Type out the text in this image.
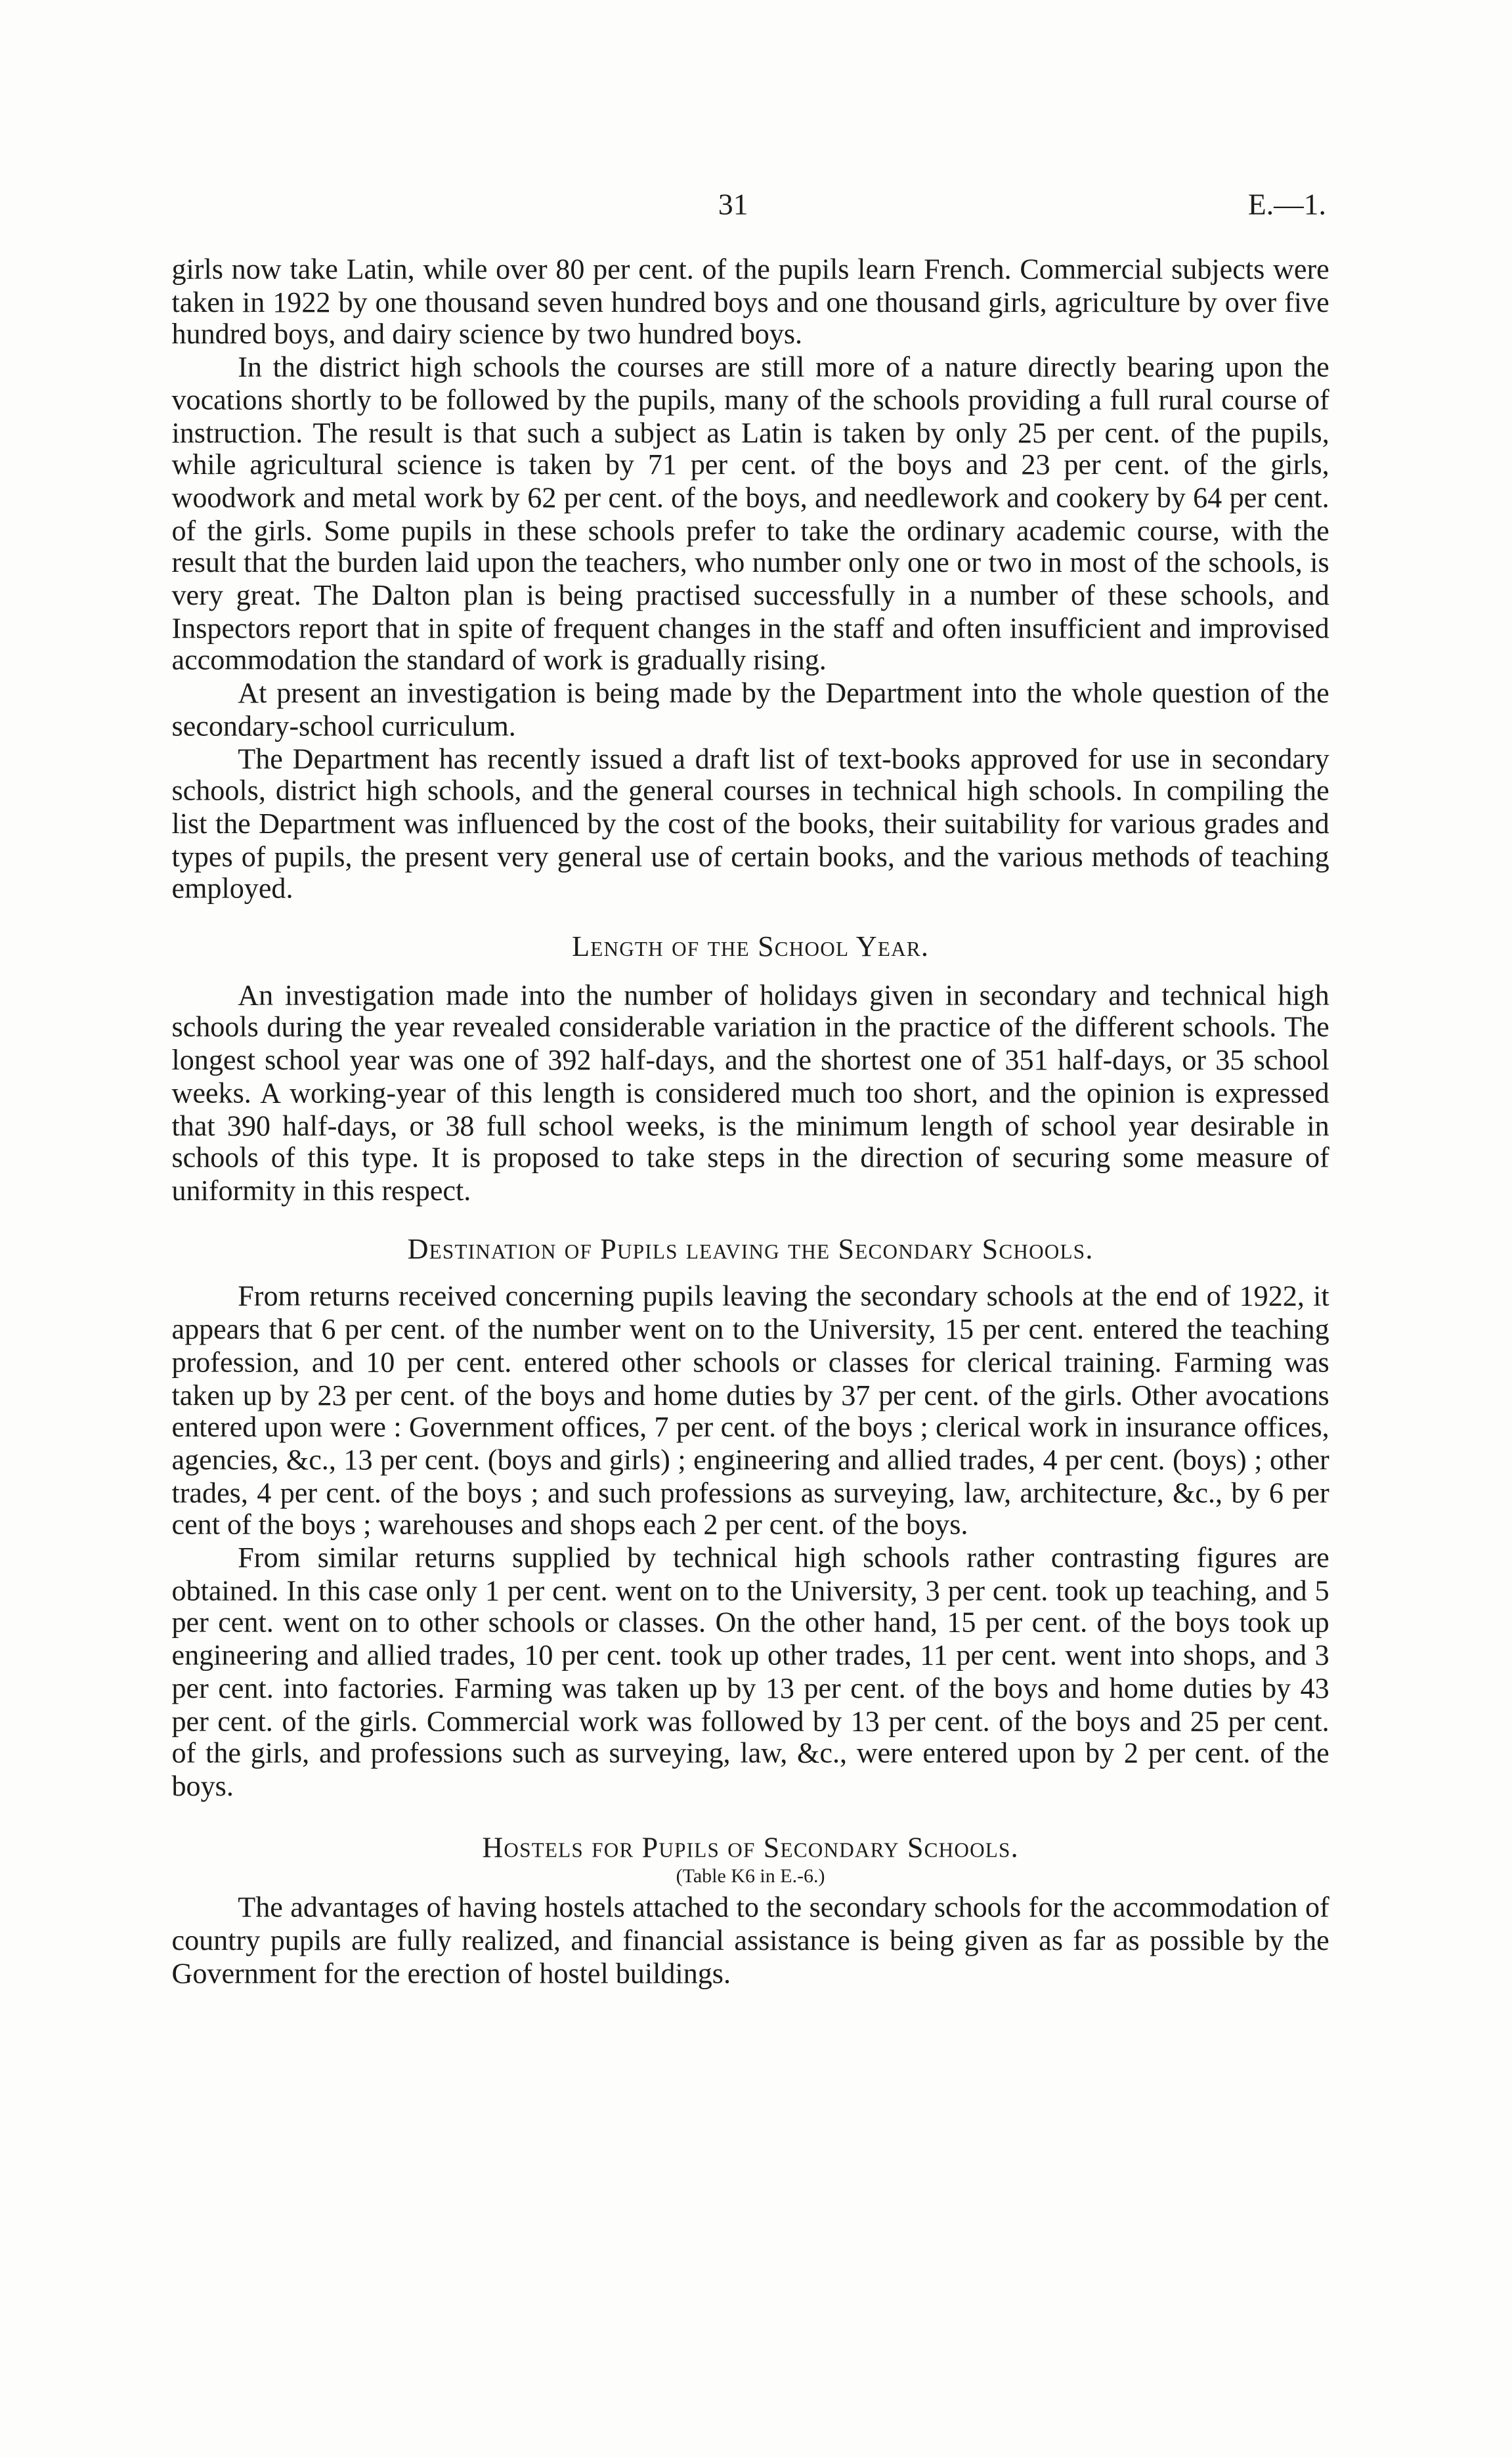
31	E.—1.

girls now take Latin, while over 80 per cent. of the pupils learn French. Commercial subjects were taken in 1922 by one thousand seven hundred boys and one thousand girls, agriculture by over five hundred boys, and dairy science by two hundred boys.

In the district high schools the courses are still more of a nature directly bearing upon the vocations shortly to be followed by the pupils, many of the schools providing a full rural course of instruction. The result is that such a subject as Latin is taken by only 25 per cent. of the pupils, while agricultural science is taken by 71 per cent. of the boys and 23 per cent. of the girls, woodwork and metal work by 62 per cent. of the boys, and needlework and cookery by 64 per cent. of the girls. Some pupils in these schools prefer to take the ordinary academic course, with the result that the burden laid upon the teachers, who number only one or two in most of the schools, is very great. The Dalton plan is being practised successfully in a number of these schools, and Inspectors report that in spite of frequent changes in the staff and often insufficient and improvised accommodation the standard of work is gradually rising.

At present an investigation is being made by the Department into the whole question of the secondary-school curriculum.

The Department has recently issued a draft list of text-books approved for use in secondary schools, district high schools, and the general courses in technical high schools. In compiling the list the Department was influenced by the cost of the books, their suitability for various grades and types of pupils, the present very general use of certain books, and the various methods of teaching employed.

Length of the School Year.

An investigation made into the number of holidays given in secondary and technical high schools during the year revealed considerable variation in the practice of the different schools. The longest school year was one of 392 half-days, and the shortest one of 351 half-days, or 35 school weeks. A working-year of this length is considered much too short, and the opinion is expressed that 390 half-days, or 38 full school weeks, is the minimum length of school year desirable in schools of this type. It is proposed to take steps in the direction of securing some measure of uniformity in this respect.

Destination of Pupils leaving the Secondary Schools.

From returns received concerning pupils leaving the secondary schools at the end of 1922, it appears that 6 per cent. of the number went on to the University, 15 per cent. entered the teaching profession, and 10 per cent. entered other schools or classes for clerical training. Farming was taken up by 23 per cent. of the boys and home duties by 37 per cent. of the girls. Other avocations entered upon were : Government offices, 7 per cent. of the boys ; clerical work in insurance offices, agencies, &c., 13 per cent. (boys and girls) ; engineering and allied trades, 4 per cent. (boys) ; other trades, 4 per cent. of the boys ; and such professions as surveying, law, architecture, &c., by 6 per cent of the boys ; warehouses and shops each 2 per cent. of the boys.

From similar returns supplied by technical high schools rather contrasting figures are obtained. In this case only 1 per cent. went on to the University, 3 per cent. took up teaching, and 5 per cent. went on to other schools or classes. On the other hand, 15 per cent. of the boys took up engineering and allied trades, 10 per cent. took up other trades, 11 per cent. went into shops, and 3 per cent. into factories. Farming was taken up by 13 per cent. of the boys and home duties by 43 per cent. of the girls. Commercial work was followed by 13 per cent. of the boys and 25 per cent. of the girls, and professions such as surveying, law, &c., were entered upon by 2 per cent. of the boys.

Hostels for Pupils of Secondary Schools.
(Table K6 in E.-6.)

The advantages of having hostels attached to the secondary schools for the accommodation of country pupils are fully realized, and financial assistance is being given as far as possible by the Government for the erection of hostel buildings.
